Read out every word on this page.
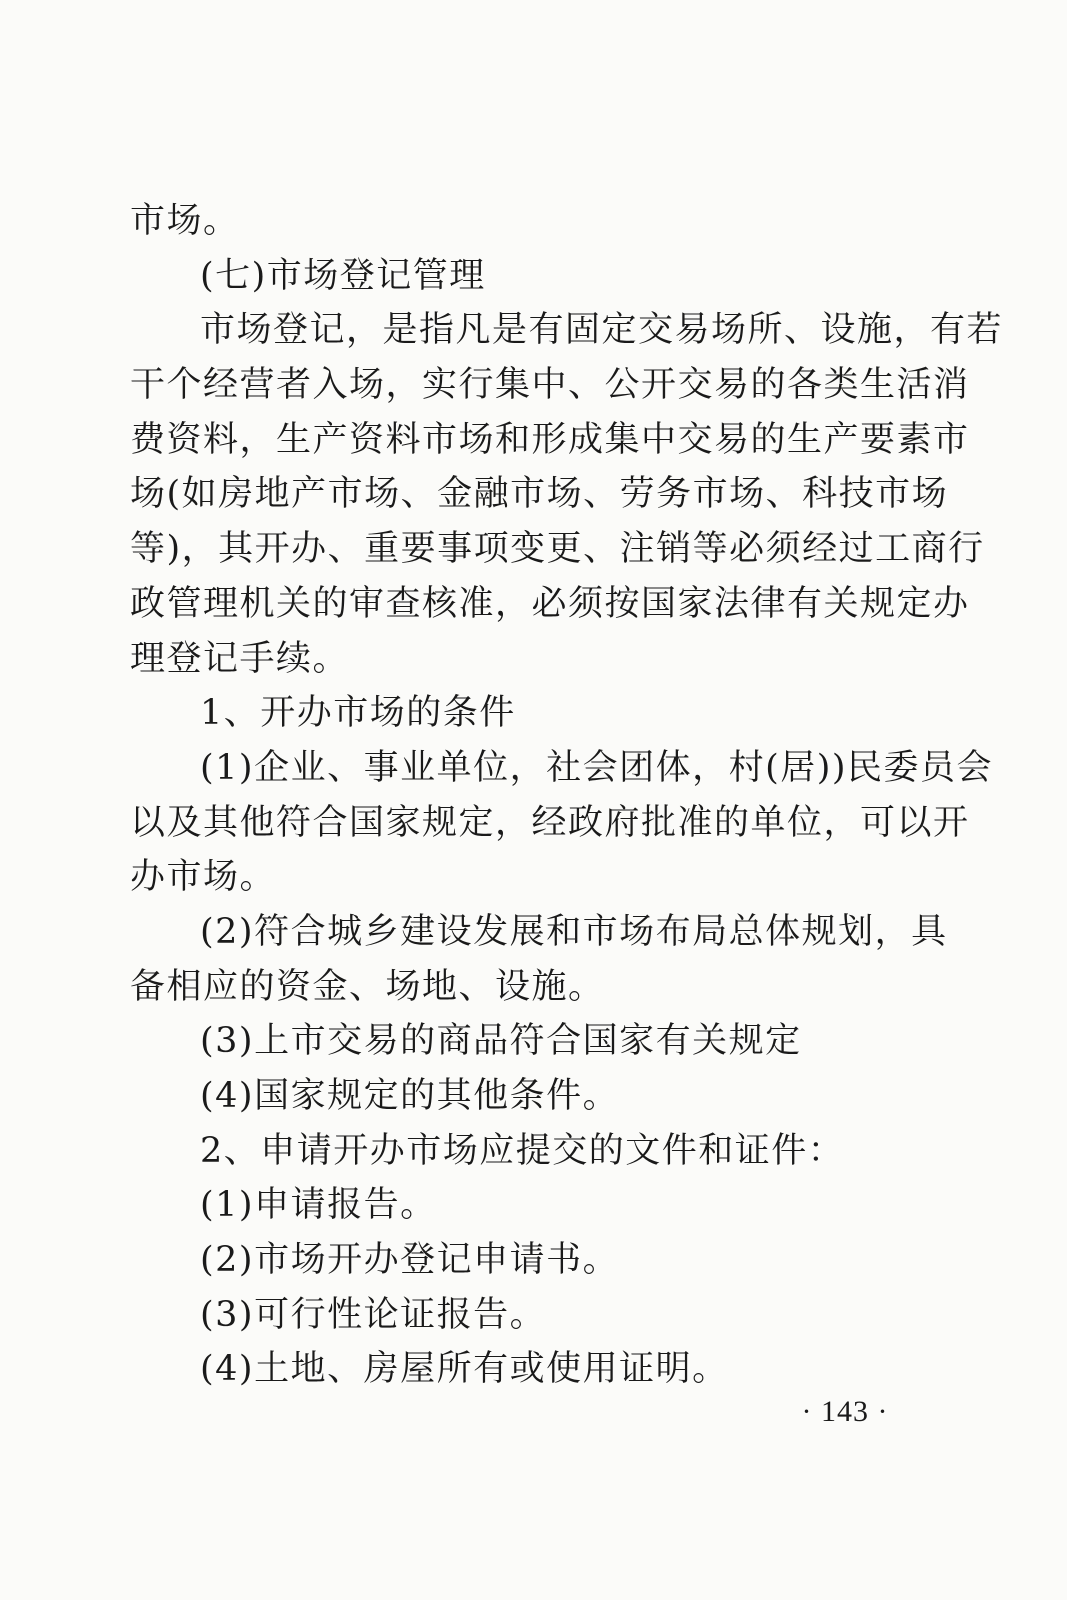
市场。
(七)市场登记管理
市场登记，是指凡是有固定交易场所、设施，有若
干个经营者入场，实行集中、公开交易的各类生活消
费资料，生产资料市场和形成集中交易的生产要素市
场(如房地产市场、金融市场、劳务市场、科技市场
等)，其开办、重要事项变更、注销等必须经过工商行
政管理机关的审查核准，必须按国家法律有关规定办
理登记手续。
1、开办市场的条件
(1)企业、事业单位，社会团体，村(居))民委员会
以及其他符合国家规定，经政府批准的单位，可以开
办市场。
(2)符合城乡建设发展和市场布局总体规划，具
备相应的资金、场地、设施。
(3)上市交易的商品符合国家有关规定
(4)国家规定的其他条件。
2、申请开办市场应提交的文件和证件：
(1)申请报告。
(2)市场开办登记申请书。
(3)可行性论证报告。
(4)土地、房屋所有或使用证明。
· 143 ·
